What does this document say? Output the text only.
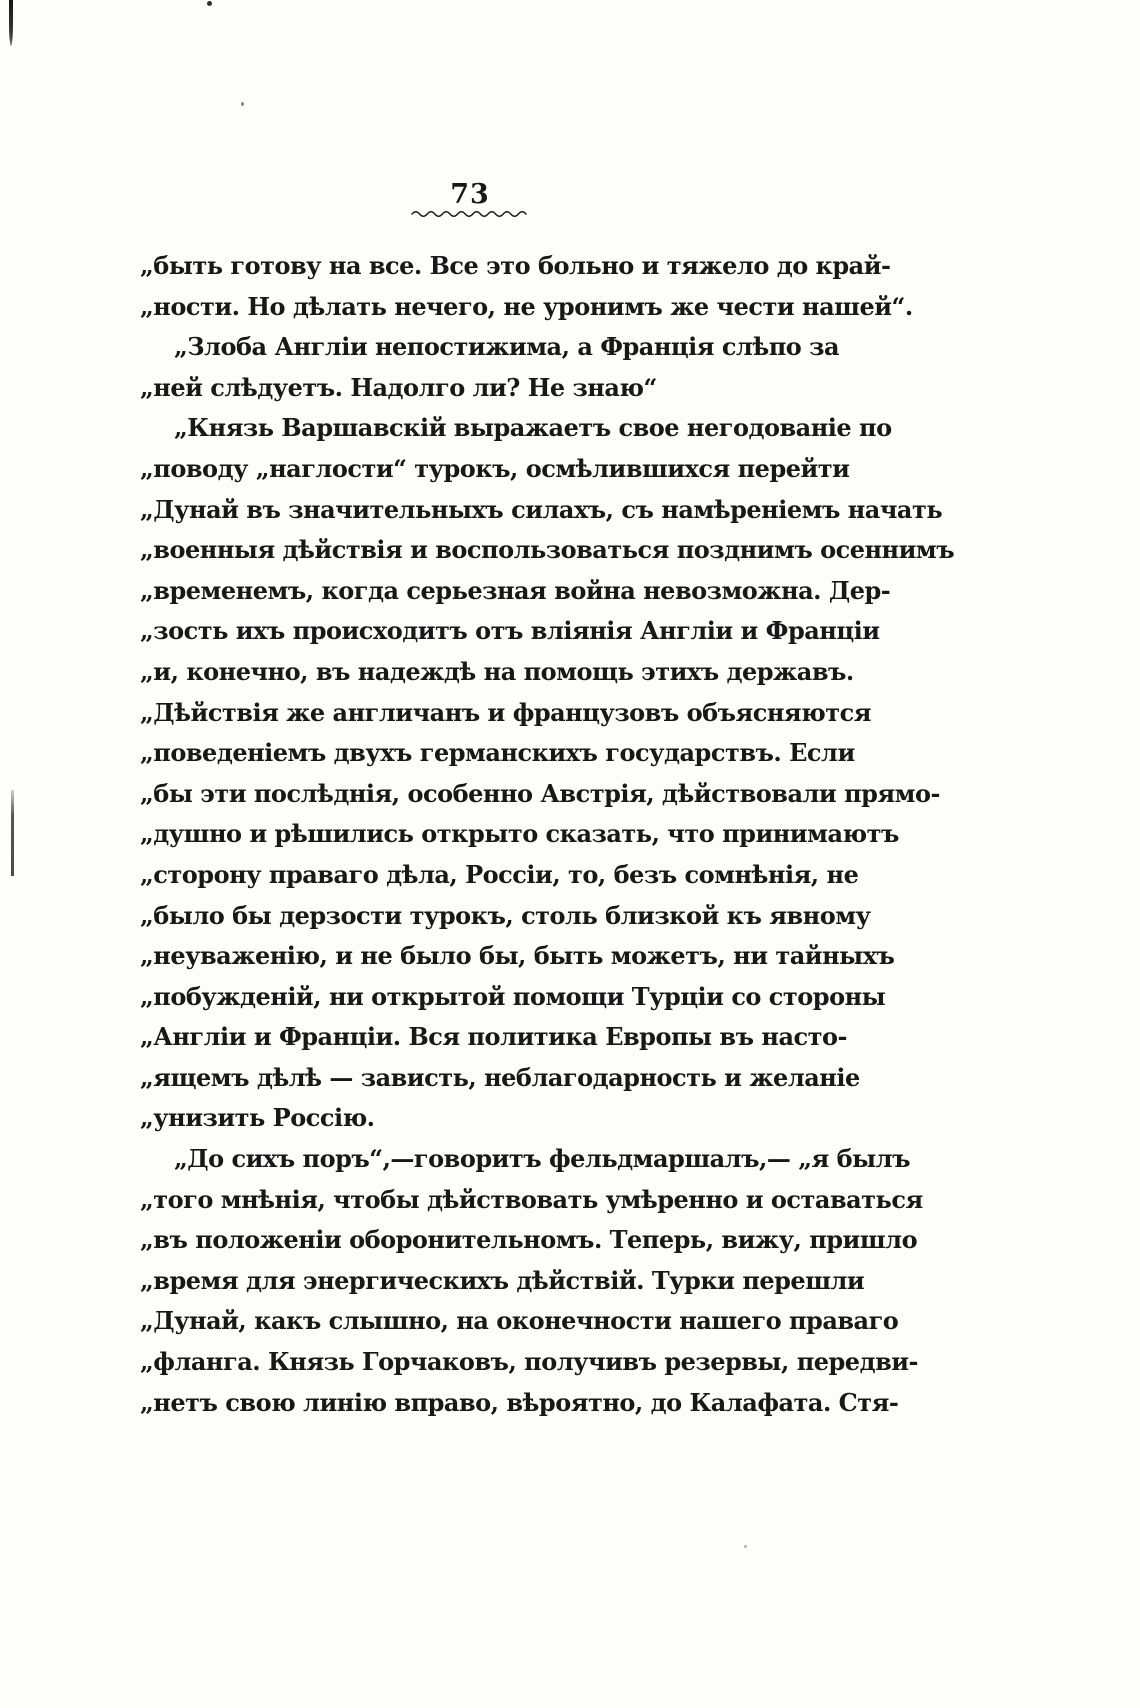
73
„быть готову на все. Все это больно и тяжело до край-
„ности. Но дѣлать нечего, не уронимъ же чести нашей“.
„Злоба Англіи непостижима, а Франція слѣпо за
„ней слѣдуетъ. Надолго ли? Не знаю“
„Князь Варшавскій выражаетъ свое негодованіе по
„поводу „наглости“ турокъ, осмѣлившихся перейти
„Дунай въ значительныхъ силахъ, съ намѣреніемъ начать
„военныя дѣйствія и воспользоваться позднимъ осеннимъ
„временемъ, когда серьезная война невозможна. Дер-
„зость ихъ происходитъ отъ вліянія Англіи и Франціи
„и, конечно, въ надеждѣ на помощь этихъ державъ.
„Дѣйствія же англичанъ и французовъ объясняются
„поведеніемъ двухъ германскихъ государствъ. Если
„бы эти послѣднія, особенно Австрія, дѣйствовали прямо-
„душно и рѣшились открыто сказать, что принимаютъ
„сторону праваго дѣла, Россіи, то, безъ сомнѣнія, не
„было бы дерзости турокъ, столь близкой къ явному
„неуваженію, и не было бы, быть можетъ, ни тайныхъ
„побужденій, ни открытой помощи Турціи со стороны
„Англіи и Франціи. Вся политика Европы въ насто-
„ящемъ дѣлѣ — зависть, неблагодарность и желаніе
„унизить Россію.
„До сихъ поръ“,—говоритъ фельдмаршалъ,— „я былъ
„того мнѣнія, чтобы дѣйствовать умѣренно и оставаться
„въ положеніи оборонительномъ. Теперь, вижу, пришло
„время для энергическихъ дѣйствій. Турки перешли
„Дунай, какъ слышно, на оконечности нашего праваго
„фланга. Князь Горчаковъ, получивъ резервы, передви-
„нетъ свою линію вправо, вѣроятно, до Калафата. Стя-
